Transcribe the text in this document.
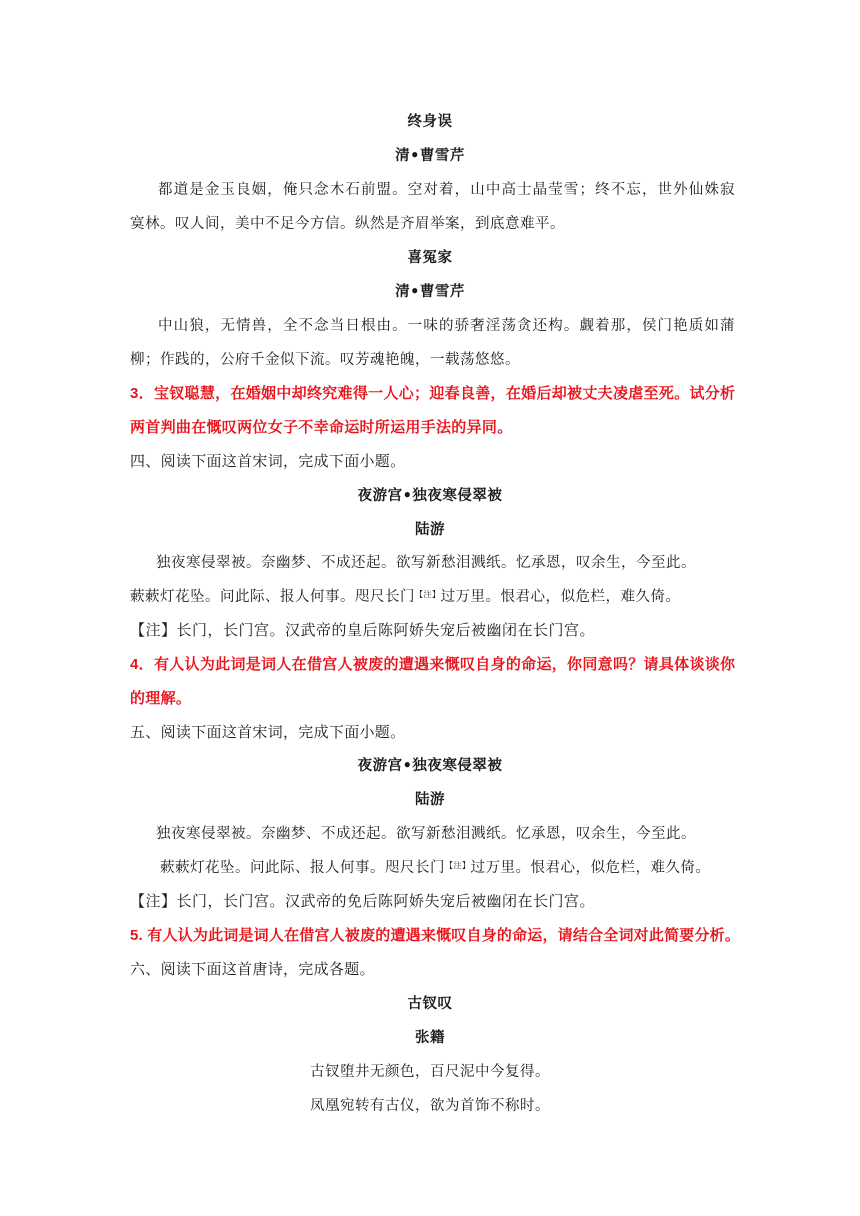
终身误
清•曹雪芹
都道是金玉良姻，俺只念木石前盟。空对着，山中高士晶莹雪；终不忘，世外仙姝寂
寞林。叹人间，美中不足今方信。纵然是齐眉举案，到底意难平。
喜冤家
清•曹雪芹
中山狼，无情兽，全不念当日根由。一味的骄奢淫荡贪还构。觑着那，侯门艳质如蒲
柳；作践的，公府千金似下流。叹芳魂艳魄，一载荡悠悠。
3．宝钗聪慧，在婚姻中却终究难得一人心；迎春良善，在婚后却被丈夫凌虐至死。试分析
两首判曲在慨叹两位女子不幸命运时所运用手法的异同。
四、阅读下面这首宋词，完成下面小题。
夜游宫•独夜寒侵翠被
陆游
独夜寒侵翠被。奈幽梦、不成还起。欲写新愁泪溅纸。忆承恩，叹余生，今至此。
蔌蔌灯花坠。问此际、报人何事。咫尺长门$^{【注】}$过万里。恨君心，似危栏，难久倚。
【注】长门，长门宫。汉武帝的皇后陈阿娇失宠后被幽闭在长门宫。
4．有人认为此词是词人在借宫人被废的遭遇来慨叹自身的命运，你同意吗？请具体谈谈你
的理解。
五、阅读下面这首宋词，完成下面小题。
夜游宫•独夜寒侵翠被
陆游
独夜寒侵翠被。奈幽梦、不成还起。欲写新愁泪溅纸。忆承恩，叹余生，今至此。
蔌蔌灯花坠。问此际、报人何事。咫尺长门$^{【注】}$过万里。恨君心，似危栏，难久倚。
【注】长门，长门宫。汉武帝的免后陈阿娇失宠后被幽闭在长门宫。
5. 有人认为此词是词人在借宫人被废的遭遇来慨叹自身的命运，请结合全词对此简要分析。
六、阅读下面这首唐诗，完成各题。
古钗叹
张籍
古钗堕井无颜色，百尺泥中今复得。
凤凰宛转有古仪，欲为首饰不称时。
